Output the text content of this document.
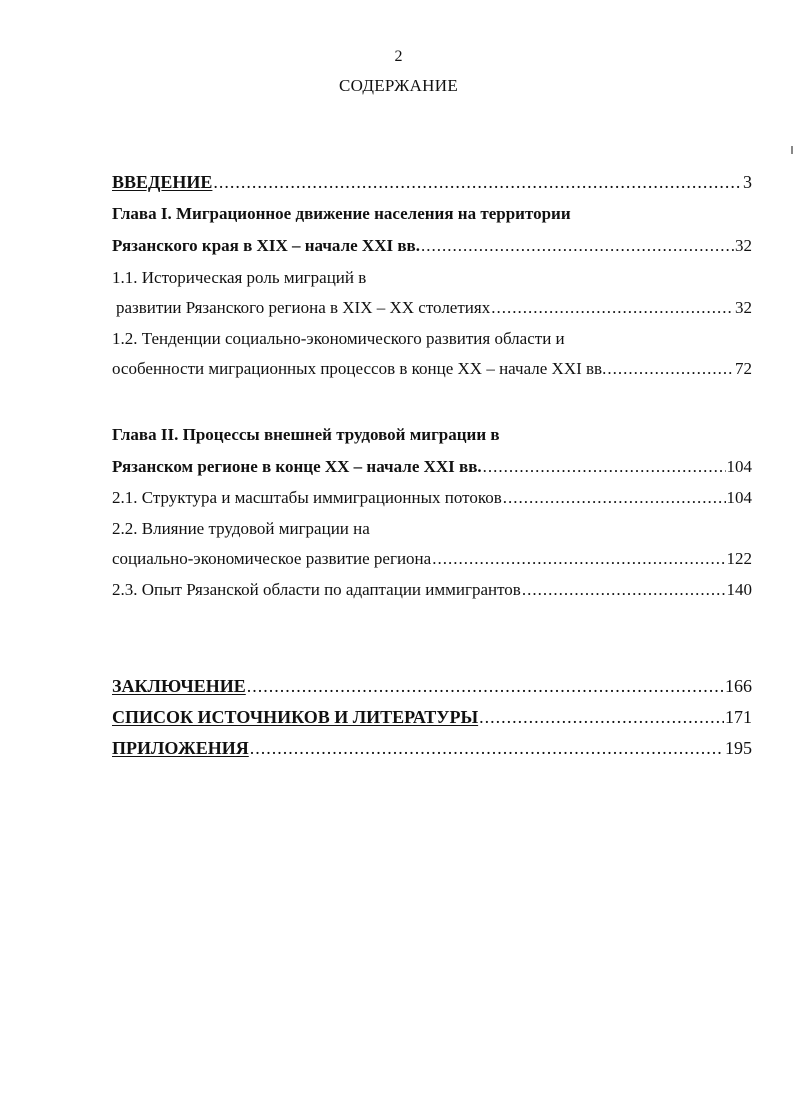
2
СОДЕРЖАНИЕ
ВВЕДЕНИЕ .....	3
Глава I. Миграционное движение населения на территории
Рязанского края в XIX – начале XXI вв. .....	32
1.1. Историческая роль миграций в
развитии Рязанского региона в XIX – XX столетиях .....	32
1.2. Тенденции социально-экономического развития области и
особенности миграционных процессов в конце XX – начале XXI вв. .....	72
Глава II. Процессы внешней трудовой миграции в
Рязанском регионе в конце XX – начале XXI вв. .....	104
2.1. Структура и масштабы иммиграционных потоков .....	104
2.2. Влияние трудовой миграции на
социально-экономическое развитие региона .....	122
2.3. Опыт Рязанской области по адаптации иммигрантов .....	140
ЗАКЛЮЧЕНИЕ .....	166
СПИСОК ИСТОЧНИКОВ И ЛИТЕРАТУРЫ .....	171
ПРИЛОЖЕНИЯ .....	195
